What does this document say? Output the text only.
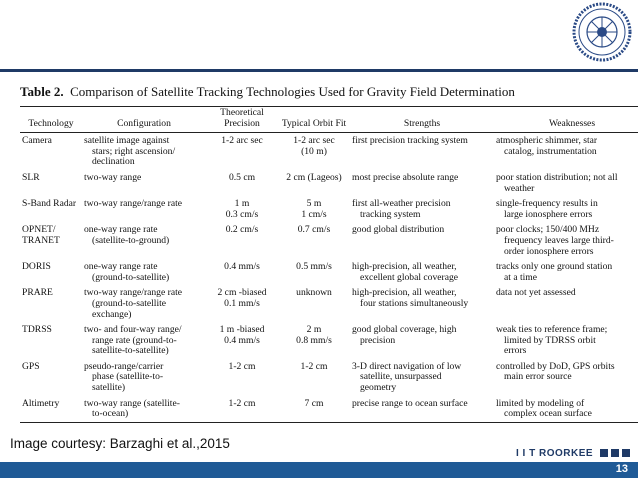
Table 2. Comparison of Satellite Tracking Technologies Used for Gravity Field Determination
Technology	Configuration	Theoretical
Precision	Typical Orbit Fit	Strengths	Weaknesses

Camera	satellite image against
stars; right ascension/
declination	1-2 arc sec	1-2 arc sec
(10 m)	first precision tracking system	atmospheric shimmer, star
catalog, instrumentation

SLR	two-way range	0.5 cm	2 cm (Lageos)	most precise absolute range	poor station distribution; not all
weather

S-Band Radar	two-way range/range rate	1 m
0.3 cm/s	5 m
1 cm/s	first all-weather precision
tracking system	single-frequency results in
large ionosphere errors

OPNET/
TRANET	one-way range rate
(satellite-to-ground)	0.2 cm/s	0.7 cm/s	good global distribution	poor clocks; 150/400 MHz
frequency leaves large third-
order ionosphere errors

DORIS	one-way range rate
(ground-to-satellite)	0.4 mm/s	0.5 mm/s	high-precision, all weather,
excellent global coverage	tracks only one ground station
at a time

PRARE	two-way range/range rate
(ground-to-satellite
exchange)	2 cm -biased
0.1 mm/s	unknown	high-precision, all weather,
four stations simultaneously	data not yet assessed

TDRSS	two- and four-way range/
range rate (ground-to-
satellite-to-satellite)	1 m -biased
0.4 mm/s	2 m
0.8 mm/s	good global coverage, high
precision	weak ties to reference frame;
limited by TDRSS orbit
errors

GPS	pseudo-range/carrier
phase (satellite-to-
satellite)	1-2 cm	1-2 cm	3-D direct navigation of low
satellite, unsurpassed
geometry	controlled by DoD, GPS orbits
main error source

Altimetry	two-way range (satellite-
to-ocean)	1-2 cm	7 cm	precise range to ocean surface	limited by modeling of
complex ocean surface
Image courtesy: Barzaghi et al.,2015
I I T ROORKEE
13
